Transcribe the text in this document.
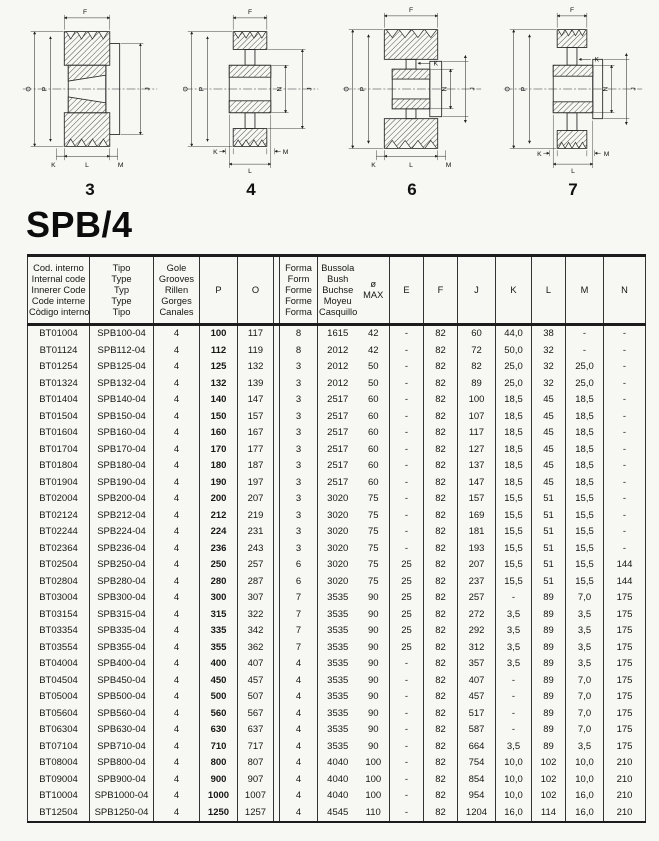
F
O P	J
K	L	M
3
F
O P	N	J
K	M
L
4
F
K
O P	N	J
K	L	M
6
F
K
O P	N	J
K	M
L
7
SPB/4
Cod. interno
Internal code
Innerer Code
Code interne
Còdigo interno

Tipo
Type
Typ
Type
Tipo

Gole
Grooves
Rillen
Gorges
Canales
	P	O		
Forma
Form
Forme
Forme
Forma

Bussola
Bush
Buchse
Moyeu
Casquillo

ø
MAX
	E	F	J	K	L	M	N
BT01004	SPB100-04	4	100	117		8	1615	42	-	82	60	44,0	38	-	-
BT01124	SPB112-04	4	112	119		8	2012	42	-	82	72	50,0	32	-	-
BT01254	SPB125-04	4	125	132		3	2012	50	-	82	82	25,0	32	25,0	-
BT01324	SPB132-04	4	132	139		3	2012	50	-	82	89	25,0	32	25,0	-
BT01404	SPB140-04	4	140	147		3	2517	60	-	82	100	18,5	45	18,5	-
BT01504	SPB150-04	4	150	157		3	2517	60	-	82	107	18,5	45	18,5	-
BT01604	SPB160-04	4	160	167		3	2517	60	-	82	117	18,5	45	18,5	-
BT01704	SPB170-04	4	170	177		3	2517	60	-	82	127	18,5	45	18,5	-
BT01804	SPB180-04	4	180	187		3	2517	60	-	82	137	18,5	45	18,5	-
BT01904	SPB190-04	4	190	197		3	2517	60	-	82	147	18,5	45	18,5	-
BT02004	SPB200-04	4	200	207		3	3020	75	-	82	157	15,5	51	15,5	-
BT02124	SPB212-04	4	212	219		3	3020	75	-	82	169	15,5	51	15,5	-
BT02244	SPB224-04	4	224	231		3	3020	75	-	82	181	15,5	51	15,5	-
BT02364	SPB236-04	4	236	243		3	3020	75	-	82	193	15,5	51	15,5	-
BT02504	SPB250-04	4	250	257		6	3020	75	25	82	207	15,5	51	15,5	144
BT02804	SPB280-04	4	280	287		6	3020	75	25	82	237	15,5	51	15,5	144
BT03004	SPB300-04	4	300	307		7	3535	90	25	82	257	-	89	7,0	175
BT03154	SPB315-04	4	315	322		7	3535	90	25	82	272	3,5	89	3,5	175
BT03354	SPB335-04	4	335	342		7	3535	90	25	82	292	3,5	89	3,5	175
BT03554	SPB355-04	4	355	362		7	3535	90	25	82	312	3,5	89	3,5	175
BT04004	SPB400-04	4	400	407		4	3535	90	-	82	357	3,5	89	3,5	175
BT04504	SPB450-04	4	450	457		4	3535	90	-	82	407	-	89	7,0	175
BT05004	SPB500-04	4	500	507		4	3535	90	-	82	457	-	89	7,0	175
BT05604	SPB560-04	4	560	567		4	3535	90	-	82	517	-	89	7,0	175
BT06304	SPB630-04	4	630	637		4	3535	90	-	82	587	-	89	7,0	175
BT07104	SPB710-04	4	710	717		4	3535	90	-	82	664	3,5	89	3,5	175
BT08004	SPB800-04	4	800	807		4	4040	100	-	82	754	10,0	102	10,0	210
BT09004	SPB900-04	4	900	907		4	4040	100	-	82	854	10,0	102	10,0	210
BT10004	SPB1000-04	4	1000	1007		4	4040	100	-	82	954	10,0	102	16,0	210
BT12504	SPB1250-04	4	1250	1257		4	4545	110	-	82	1204	16,0	114	16,0	210
